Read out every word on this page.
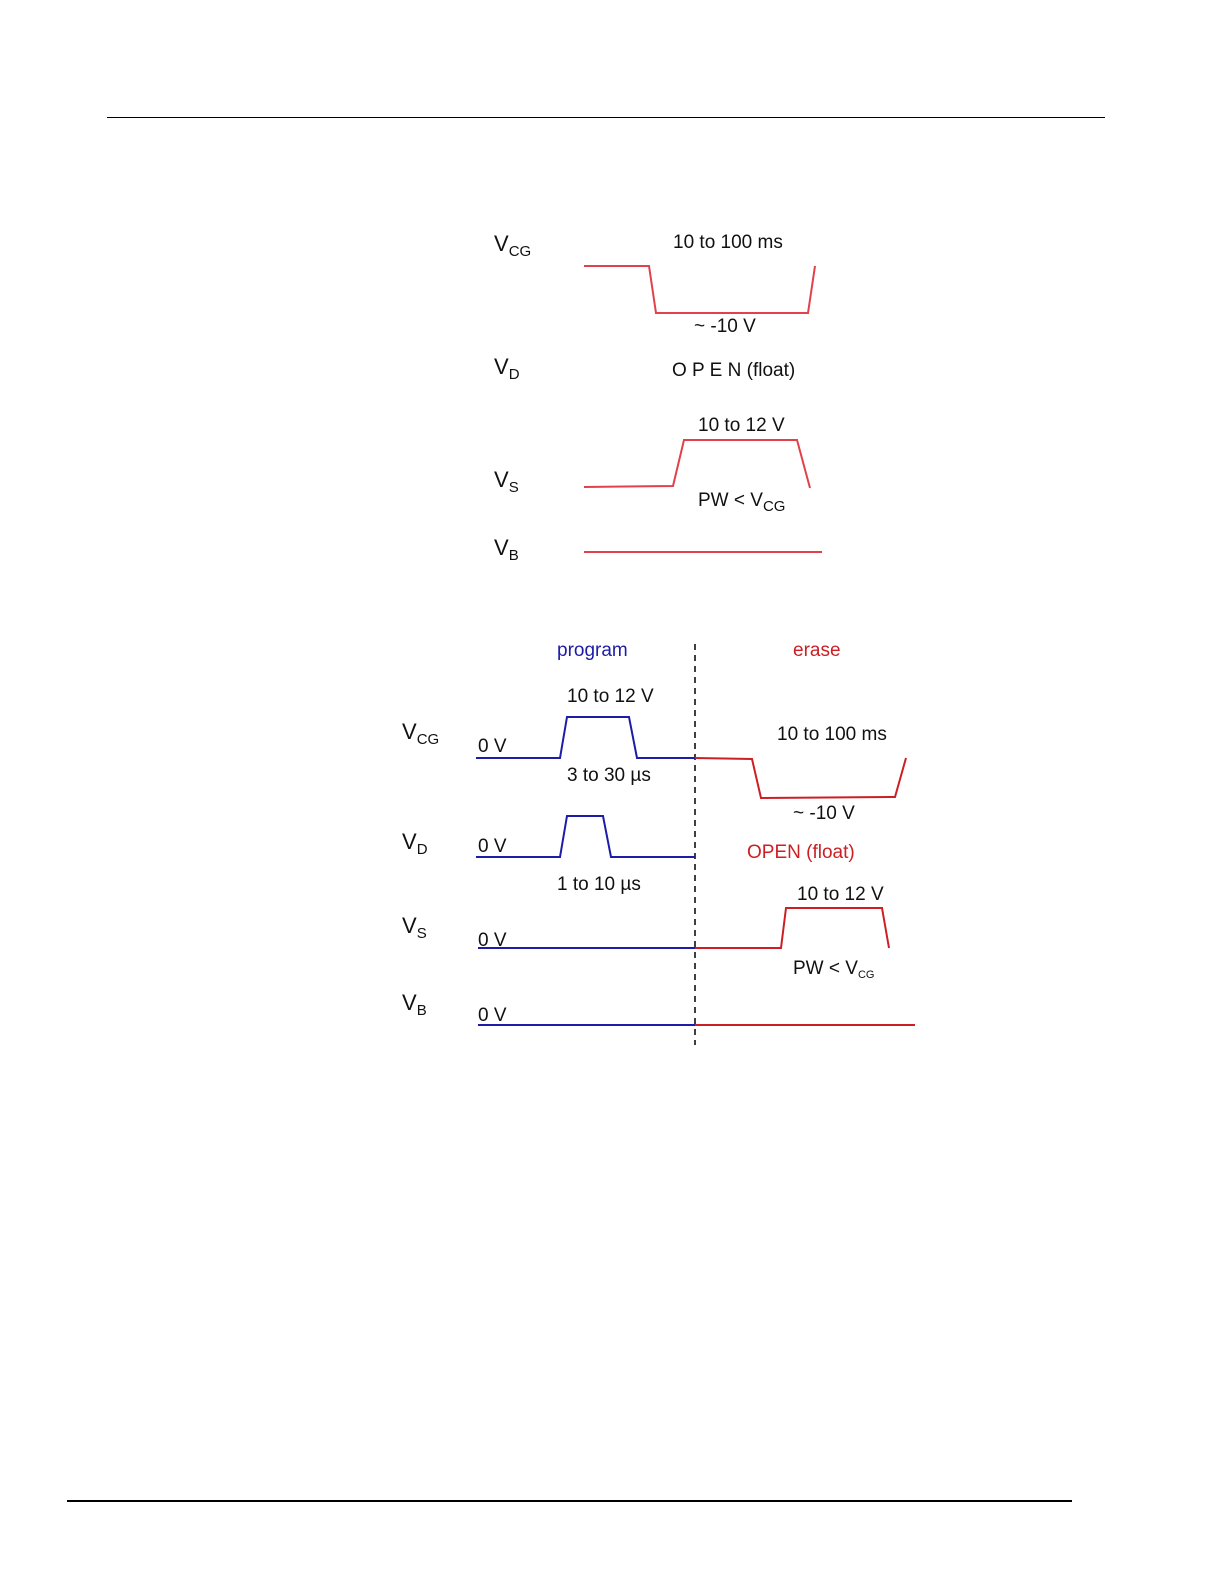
$V_{CG}$
$V_D$
$V_S$
$V_B$
10 to 100 ms
~ -10 V
O P E N (float)
10 to 12 V
PW < $V_{CG}$
program	erase
$V_{CG}$
$V_D$
$V_S$
$V_B$
0 V
0 V
0 V
0 V
10 to 12 V
3 to 30 µs
1 to 10 µs
10 to 100 ms
~ -10 V
OPEN (float)
10 to 12 V
PW < $V_{CG}$
